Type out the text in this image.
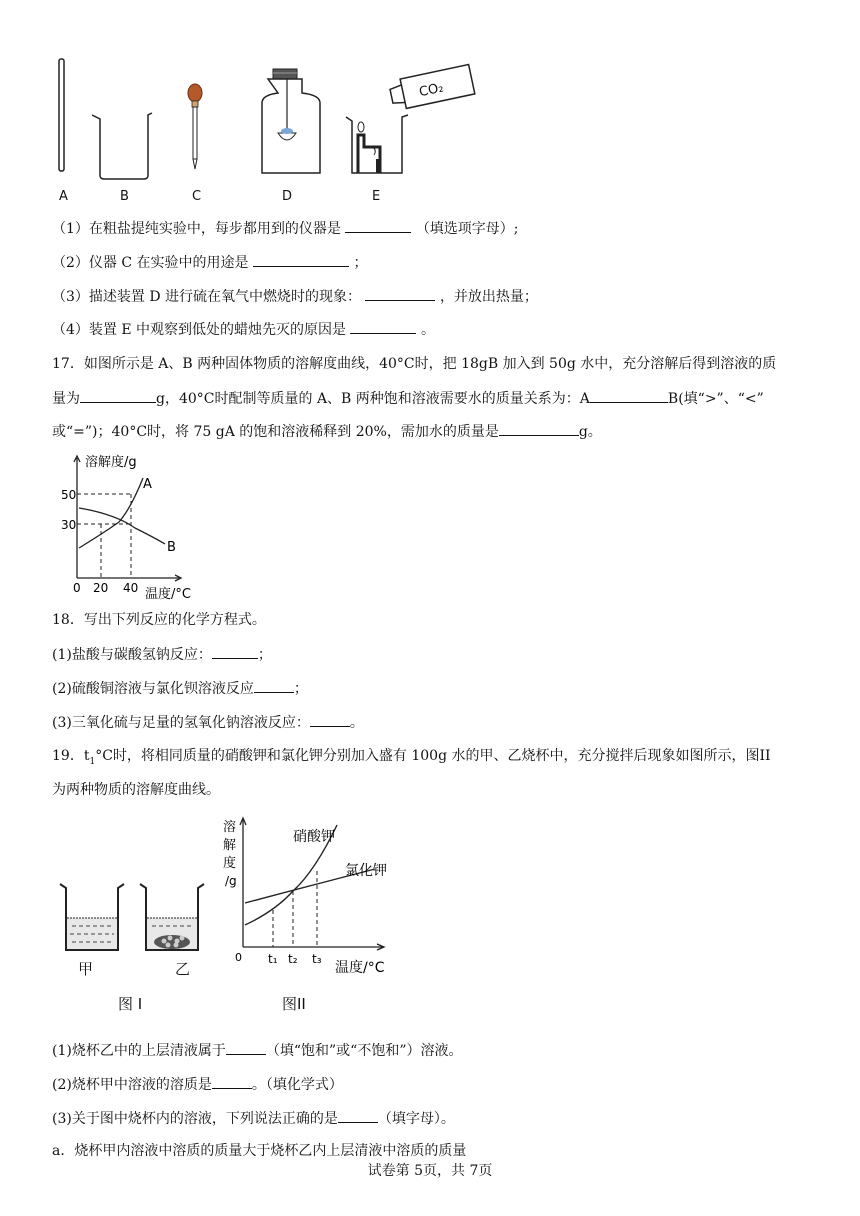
CO₂
A	B	C	D	E
（1）在粗盐提纯实验中，每步都用到的仪器是	（填选项字母）;
（2）仪器 C 在实验中的用途是	；
（3）描述装置 D 进行硫在氧气中燃烧时的现象：	，并放出热量；
（4）装置 E 中观察到低处的蜡烛先灭的原因是	。
17．如图所示是 A、B 两种固体物质的溶解度曲线，40°C时，把 18gB 加入到 50g 水中，充分溶解后得到溶液的质
量为	g，40°C时配制等质量的 A、B 两种饱和溶液需要水的质量关系为：A	B(填“>”、“<”
或“=”)；40°C时，将 75 gA 的饱和溶液稀释到 20%，需加水的质量是	g。
溶解度/g
50
30
0 20 40 温度/°C
A
B
18．写出下列反应的化学方程式。
(1)盐酸与碳酸氢钠反应：	；
(2)硫酸铜溶液与氯化钡溶液反应	；
(3)三氧化硫与足量的氢氧化钠溶液反应：	。
19．$t_1^\circ C$时，将相同质量的硝酸钾和氯化钾分别加入盛有 100g 水的甲、乙烧杯中，充分搅拌后现象如图所示，图II
为两种物质的溶解度曲线。
甲	乙
图 I
溶
解
度
/g
0 t₁ t₂ t₃
温度/°C
硝酸钾
氯化钾
图II
(1)烧杯乙中的上层清液属于	（填“饱和”或“不饱和”）溶液。
(2)烧杯甲中溶液的溶质是	。（填化学式）
(3)关于图中烧杯内的溶液，下列说法正确的是	（填字母）。
a．烧杯甲内溶液中溶质的质量大于烧杯乙内上层清液中溶质的质量
试卷第 5页，共 7页
